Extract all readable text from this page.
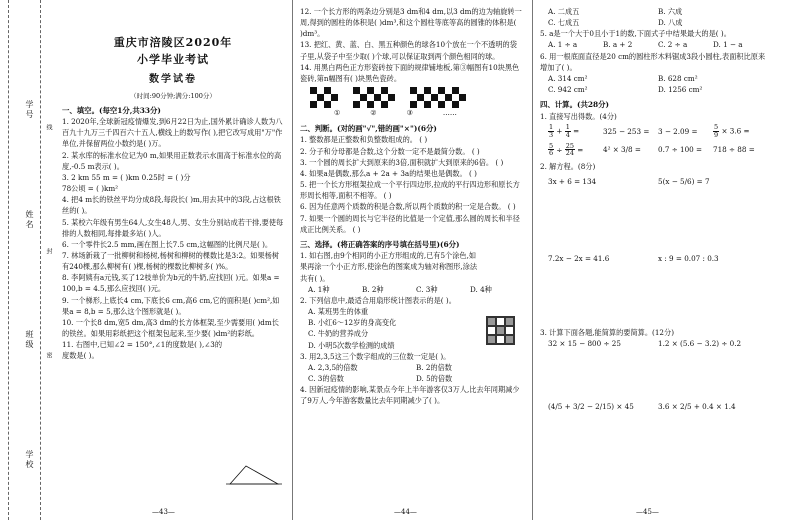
学号
姓名
班级
学校
线
封
密
重庆市涪陵区2020年
小学毕业考试
数学试卷
（时间:90分钟;满分:100分）
一、填空。(每空1分,共33分)

1. 2020年,全球新冠疫情爆发,到6月22日为止,国外累计确诊人数为八百九十九万三千四百六十五人,横线上的数写作( ),把它改写成用"万"作单位,并保留两位小数约是( )万。

2. 某水库的标准水位记为0 m,如果用正数表示水面高于标准水位的高度,-0.5 m表示( )。

3. 2 km 55 m = ( )km 0.25时 = ( )分

78公顷 = ( )km²

4. 把4 m长的铁丝平均分成8段,每段长( )m,用去其中的3段,占这根铁丝的( )。

5. 某校六年级有男生64人,女生48人,男、女生分别站成若干排,要使每排的人数相同,每排最多站( )人。

6. 一个零件长2.5 mm,画在图上长7.5 cm,这幅图的比例尺是( )。

7. 林场新栽了一批柳树和杨树,杨树和柳树的棵数比是3:2。如果杨树有240棵,那么柳树有( )棵,杨树的棵数比柳树多( )%。

8. 李阿姨有a元钱,买了12枝单价为b元的牛奶,应找回( )元。如果a = 100,b = 4.5,那么应找回( )元。

9. 一个梯形,上底长4 cm,下底长6 cm,高6 cm,它的面积是( )cm²,如果a = 8,b = 5,那么这个图形就是( )。

10. 一个长8 dm,宽5 dm,高3 dm的长方体框架,至少需要用( )dm长的铁丝。如果用彩纸把这个框架包起来,至少要( )dm²的彩纸。

11. 右图中,已知∠2 = 150°,∠1的度数是( ),∠3的度数是( )。

—43—

12. 一个长方形的两条边分别是3 dm和4 dm,以3 dm的边为轴旋转一周,得到的圆柱的体积是( )dm³,和这个圆柱等底等高的圆锥的体积是( )dm³。

13. 把红、黄、蓝、白、黑五种颜色的球各10个放在一个不透明的袋子里,从袋子中至少取( )个球,可以保证取到两个颜色相同的球。

14. 用黑白两色正方形瓷砖按下面的规律铺地板,第③幅图有10块黑色瓷砖,第n幅图有( )块黑色瓷砖。

①	②	③	……
二、判断。(对的画"√",错的画"×")(6分)

1. 整数都是正整数和负整数组成的。 ( )

2. 分子和分母都是合数,这个分数一定不是最简分数。 ( )

3. 一个圆的周长扩大到原来的3倍,面积就扩大到原来的6倍。 ( )

4. 如果a是偶数,那么a + 2a + 3a的结果也是偶数。 ( )

5. 把一个长方形框架拉成一个平行四边形,拉成的平行四边形和原长方形周长相等,面积不相等。 ( )

6. 因为任意两个质数的积是合数,所以两个质数的积一定是合数。 ( )

7. 如果一个圆的周长与它半径的比值是一个定值,那么圆的周长和半径成正比例关系。 ( )

三、选择。(将正确答案的序号填在括号里)(6分)

1. 如右图,由9个相同的小正方形组成的,已有5个涂色,如果再涂一个小正方形,使涂色的图案成为轴对称图形,涂法共有( )。

A. 1种	B. 2种	C. 3种	D. 4种

2. 下列信息中,最适合用扇形统计图表示的是( )。

A. 某班男生的体重

B. 小红6～12岁的身高变化

C. 牛奶的营养成分

D. 小明5次数学检测的成绩

3. 用2,3,5这三个数字组成的三位数一定是( )。

A. 2,3,5的倍数	B. 2的倍数
C. 3的倍数	D. 5的倍数

4. 因新冠疫情的影响,某景点今年上半年游客仅3万人,比去年同期减少了9万人,今年游客数量比去年同期减少了( )。

—44—
A. 二成五	B. 六成
C. 七成五	D. 八成

5. a是一个大于0且小于1的数,下面式子中结果最大的是( )。

A. 1 ÷ a	B. a + 2	C. 2 ÷ a	D. 1 − a

6. 用一根底面直径是20 cm的圆柱形木料锯成3段小圆柱,表面积比原来增加了( )。

A. 314 cm²	B. 628 cm²
C. 942 cm²	D. 1256 cm²
四、计算。(共28分)

1. 直接写出得数。(4分)

$\frac{1}{3} + \frac{1}{4}$ =	325 − 253 =	3 − 2.09 =	$\frac{5}{9} \times 3.6$ =
$\frac{5}{6} \div \frac{25}{24}$ =	4² × 3/8 =	0.7 ÷ 100 =	718 ÷ 88 =

2. 解方程。(8分)

3x + 6 = 134	5(x − 5/6) = 7
7.2x − 2x = 41.6	x : 9 = 0.07 : 0.3

3. 计算下面各题,能简算的要简算。(12分)

32 × 15 − 800 ÷ 25	1.2 × (5.6 − 3.2) ÷ 0.2
(4/5 + 3/2 − 2/15) × 45	3.6 × 2/5 + 0.4 × 1.4
—45—
